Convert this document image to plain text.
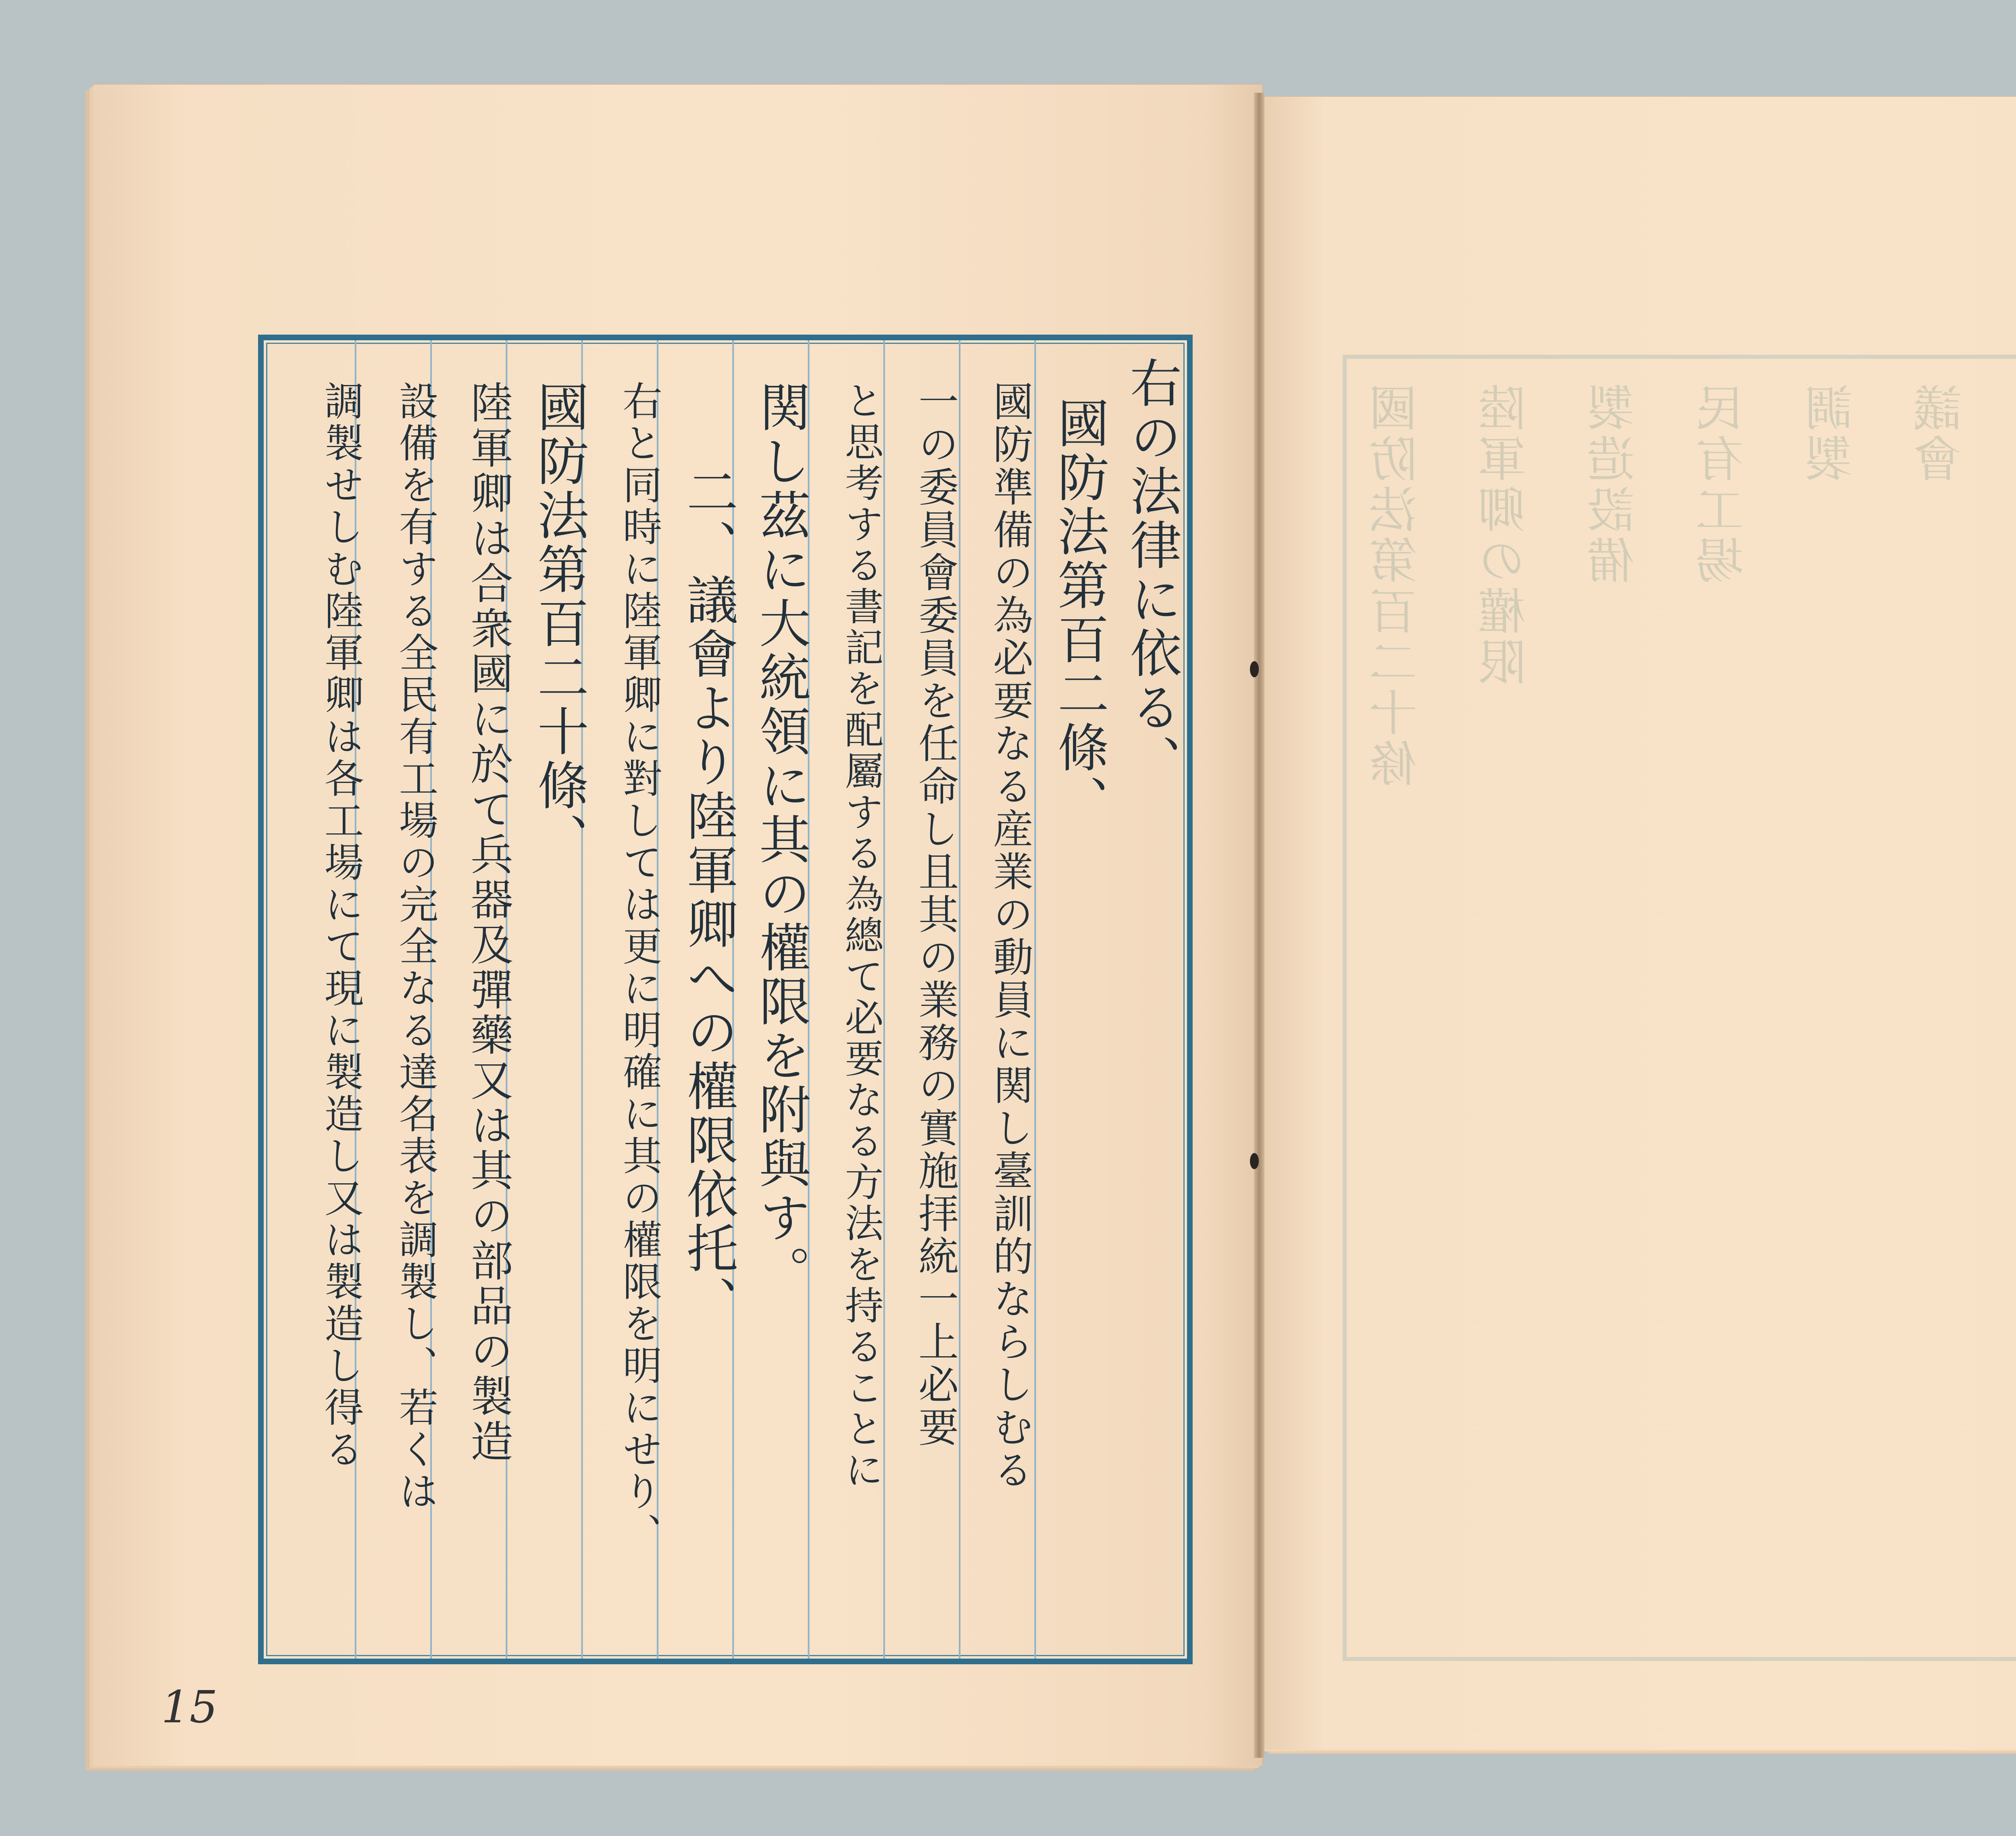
右の法律に依る、
國防法第百二條、
國防準備の為必要なる産業の動員に関し臺訓的ならしむる
一の委員會委員を任命し且其の業務の實施拝統一上必要
と思考する書記を配屬する為總て必要なる方法を持ることに
関し茲に大統領に其の權限を附與す。
二、議會より陸軍卿への權限依托、
右と同時に陸軍卿に對しては更に明確に其の權限を明にせり、
國防法第百二十條、
陸軍卿は合衆國に於て兵器及彈藥又は其の部品の製造
設備を有する全民有工場の完全なる達名表を調製し、若くは
調製せしむ陸軍卿は各工場にて現に製造し又は製造し得る
15
國防法第百二十條 陸軍卿の權限 製造設備 民有工場 調製 議會
